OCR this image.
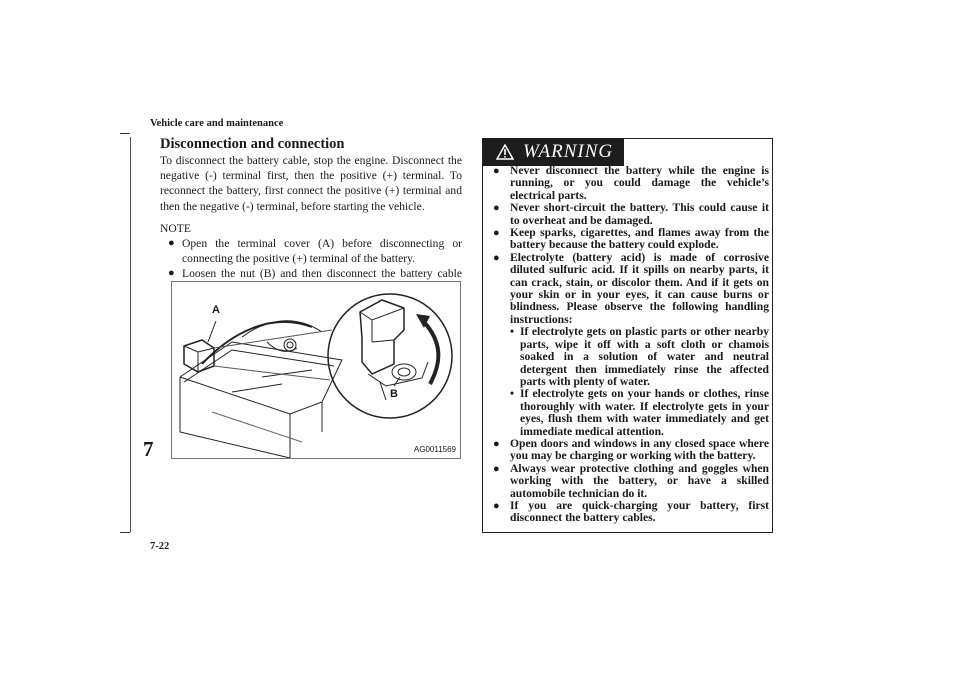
Vehicle care and maintenance
7
7-22
Disconnection and connection

To disconnect the battery cable, stop the engine. Disconnect the negative (-) terminal first, then the positive (+) terminal. To reconnect the battery, first connect the positive (+) terminal and then the negative (-) terminal, before starting the vehicle.

NOTE
● Open the terminal cover (A) before disconnecting or connecting the positive (+) terminal of the battery.
● Loosen the nut (B) and then disconnect the battery cable
A
B
AG0011569
WARNING
● Never disconnect the battery while the engine is running, or you could damage the vehicle’s electrical parts.
● Never short-circuit the battery. This could cause it to overheat and be damaged.
● Keep sparks, cigarettes, and flames away from the battery because the battery could explode.
● Electrolyte (battery acid) is made of corrosive diluted sulfuric acid. If it spills on nearby parts, it can crack, stain, or discolor them. And if it gets on your skin or in your eyes, it can cause burns or blindness. Please observe the following handling instructions:
• If electrolyte gets on plastic parts or other nearby parts, wipe it off with a soft cloth or chamois soaked in a solution of water and neutral detergent then immediately rinse the affected parts with plenty of water.
• If electrolyte gets on your hands or clothes, rinse thoroughly with water. If electrolyte gets in your eyes, flush them with water immediately and get immediate medical attention.
● Open doors and windows in any closed space where you may be charging or working with the battery.
● Always wear protective clothing and goggles when working with the battery, or have a skilled automobile technician do it.
● If you are quick-charging your battery, first disconnect the battery cables.
